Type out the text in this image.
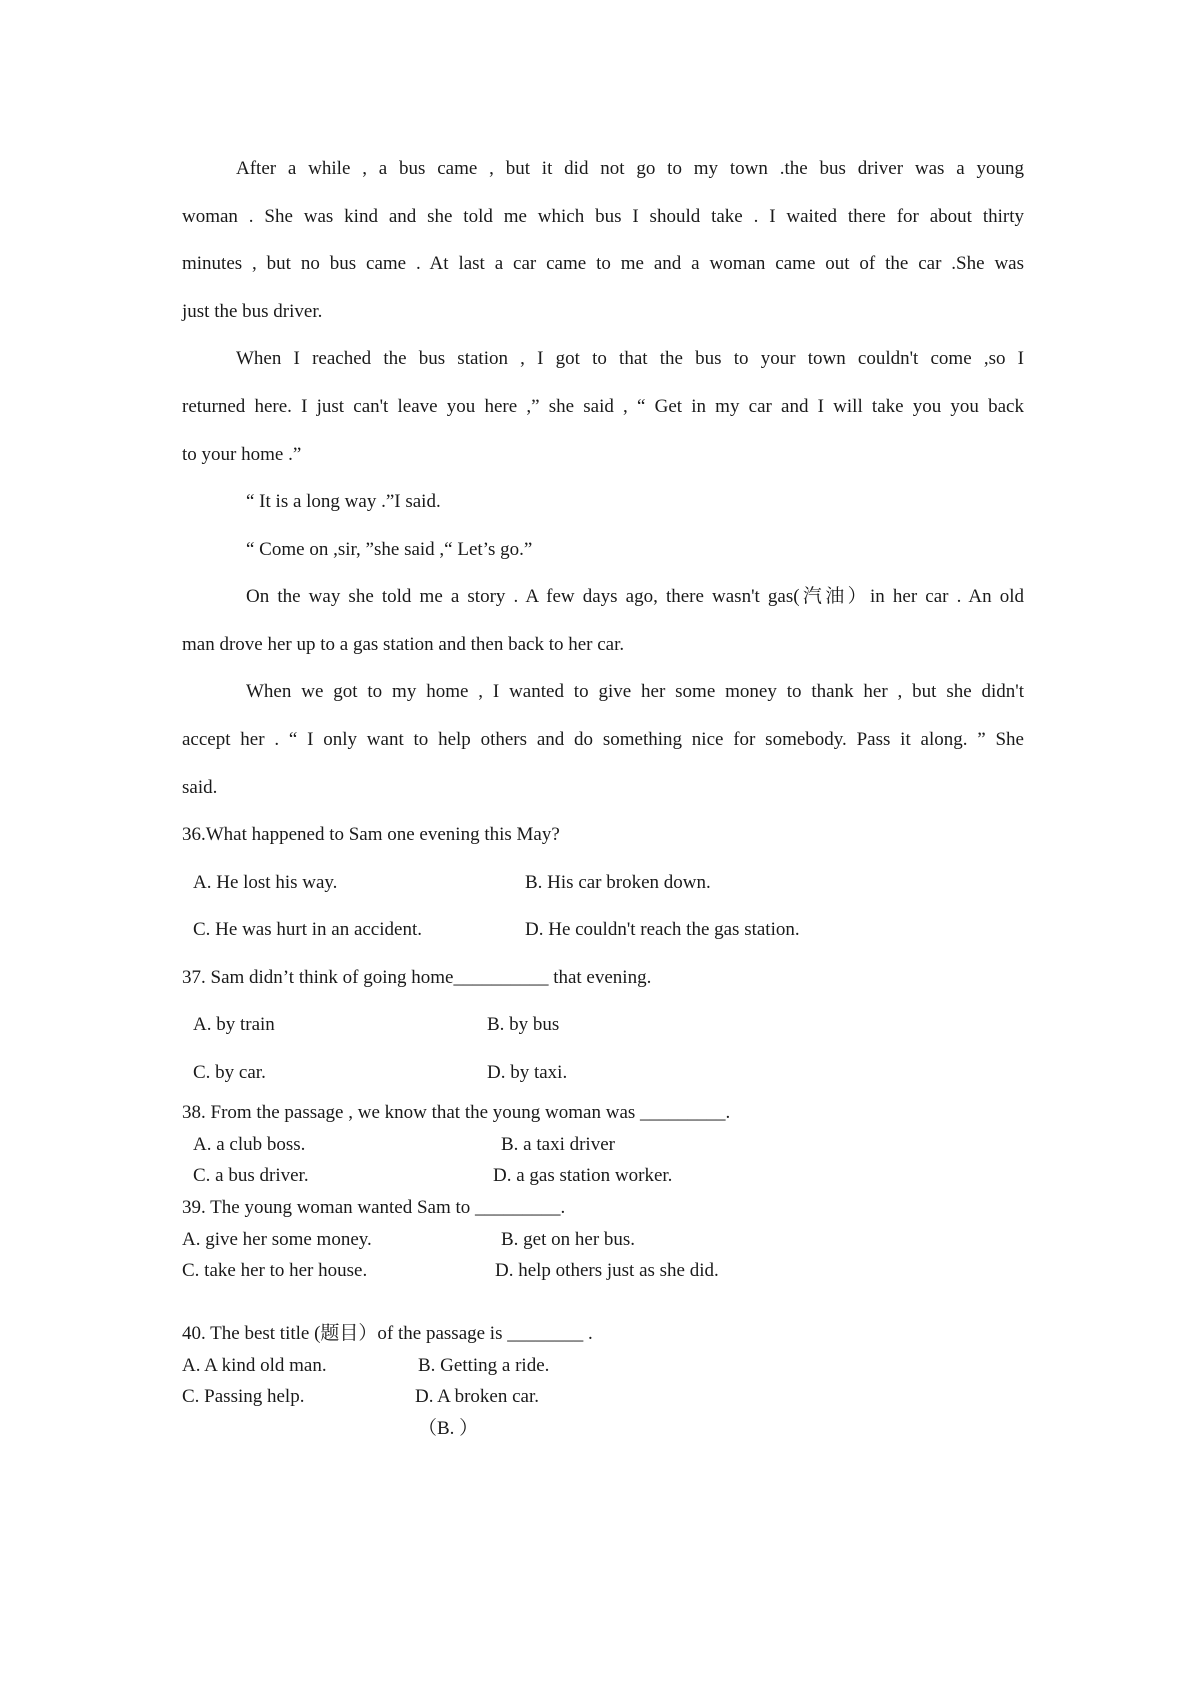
After a while , a bus came , but it did not go to my town .the bus driver was a young
woman . She was kind and she told me which bus I should take . I waited there for about thirty
minutes , but no bus came . At last a car came to me and a woman came out of the car .She was
just the bus driver.
When I reached the bus station , I got to that the bus to your town couldn't come ,so I
returned here. I just can't leave you here ,” she said , “ Get in my car and I will take you you back
to your home .”
“ It is a long way .”I said.
“ Come on ,sir, ”she said ,“ Let’s go.”
On the way she told me a story . A few days ago, there wasn't gas(汽油）in her car . An old
man drove her up to a gas station and then back to her car.
When we got to my home , I wanted to give her some money to thank her , but she didn't
accept her . “ I only want to help others and do something nice for somebody. Pass it along. ” She
said.
36.What happened to Sam one evening this May?
A. He lost his way.	B. His car broken down.
C. He was hurt in an accident.	D. He couldn't reach the gas station.
37. Sam didn’t think of going home__________ that evening.
A. by train	B. by bus
C. by car.	D. by taxi.
38. From the passage , we know that the young woman was _________.
A. a club boss.	B. a taxi driver
C. a bus driver.	D. a gas station worker.
39. The young woman wanted Sam to _________.
A. give her some money.	B. get on her bus.
C. take her to her house.	D. help others just as she did.
40. The best title (题目）of the passage is ________ .
A. A kind old man.	B. Getting a ride.
C. Passing help.	D. A broken car.
（B. ）
